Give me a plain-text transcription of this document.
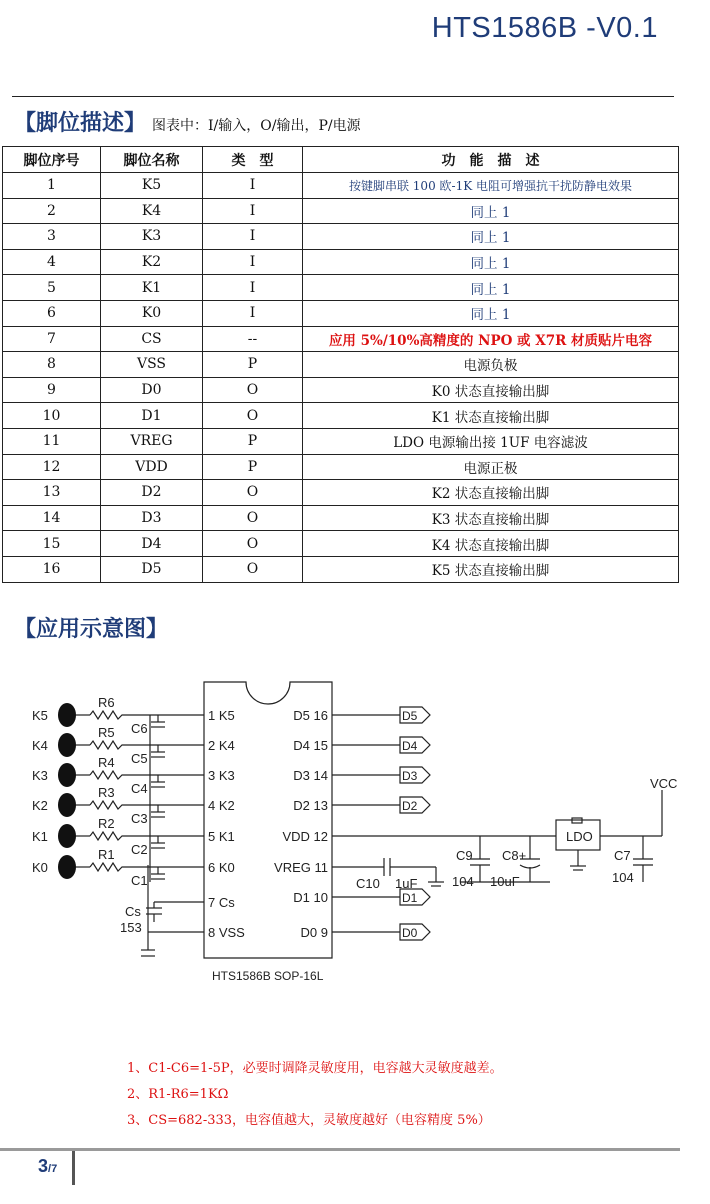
HTS1586B -V0.1
【脚位描述】 图表中：I/输入，O/输出，P/电源
脚位序号	脚位名称	类　型	功　能　描　述
1	K5	I	按键脚串联 100 欧-1K 电阻可增强抗干扰防静电效果
2	K4	I	同上 1
3	K3	I	同上 1
4	K2	I	同上 1
5	K1	I	同上 1
6	K0	I	同上 1
7	CS	--	应用 5%/10%高精度的 NPO 或 X7R 材质贴片电容
8	VSS	P	电源负极
9	D0	O	K0 状态直接输出脚
10	D1	O	K1 状态直接输出脚
11	VREG	P	LDO 电源输出接 1UF 电容滤波
12	VDD	P	电源正极
13	D2	O	K2 状态直接输出脚
14	D3	O	K3 状态直接输出脚
15	D4	O	K4 状态直接输出脚
16	D5	O	K5 状态直接输出脚
【应用示意图】
K5
R6
C6
K4
R5
C5
K3
R4
C4
K2
R3
C3
K1
R2
C2
K0
R1
C1
D5
D4
D3
D2
D1
D0
1 K5
2 K4
3 K3
4 K2
5 K1
6 K0
7 Cs
8 VSS
D5 16
D4 15
D3 14
D2 13
VDD 12
VREG 11
D1 10
D0 9
Cs
153
HTS1586B SOP-16L
C10 1uF
C9
104
C8+
10uF
LDO
C7
104
VCC
1、C1-C6=1-5P，必要时调降灵敏度用，电容越大灵敏度越差。
2、R1-R6=1KΩ
3、CS=682-333，电容值越大，灵敏度越好（电容精度 5%）
3/7
